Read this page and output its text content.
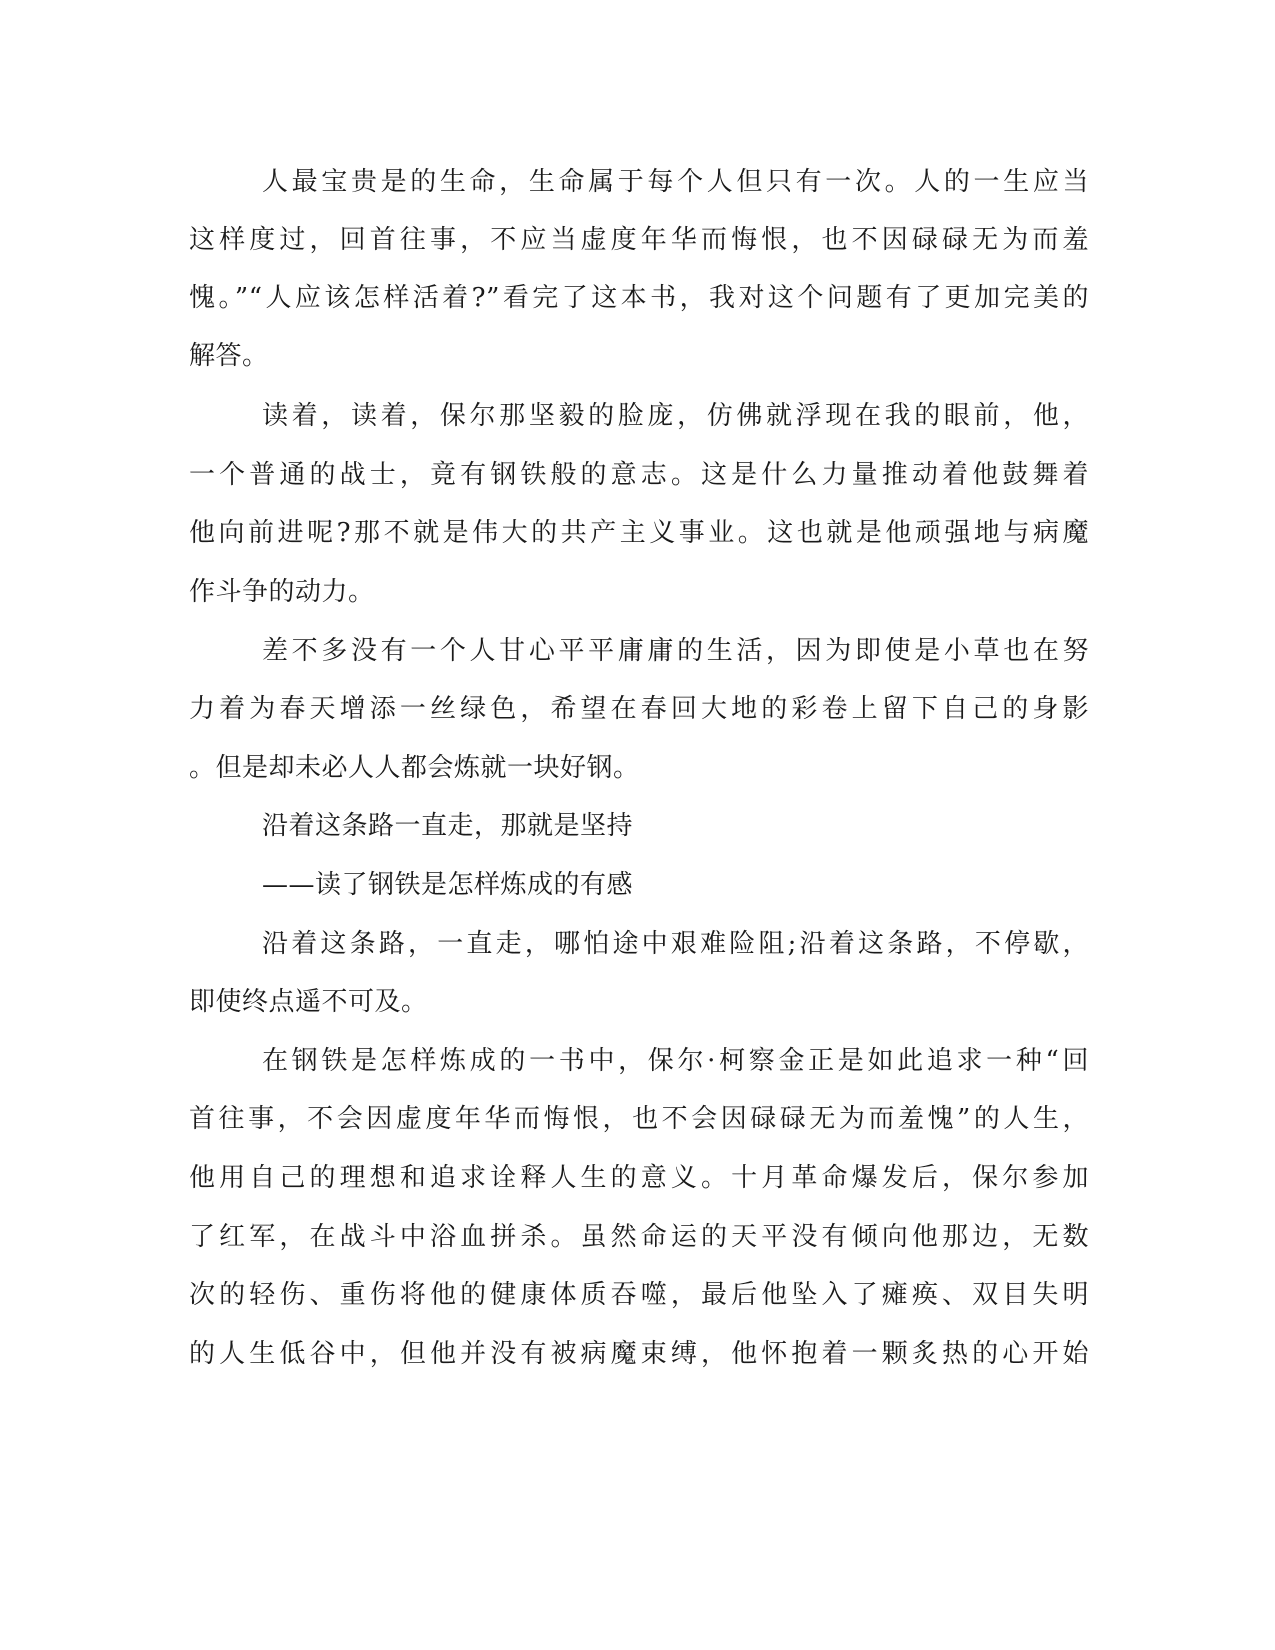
人最宝贵是的生命，生命属于每个人但只有一次。人的一生应当
这样度过，回首往事，不应当虚度年华而悔恨，也不因碌碌无为而羞
愧。”“人应该怎样活着?”看完了这本书，我对这个问题有了更加完美的
解答。
读着，读着，保尔那坚毅的脸庞，仿佛就浮现在我的眼前，他，
一个普通的战士，竟有钢铁般的意志。这是什么力量推动着他鼓舞着
他向前进呢?那不就是伟大的共产主义事业。这也就是他顽强地与病魔
作斗争的动力。
差不多没有一个人甘心平平庸庸的生活，因为即使是小草也在努
力着为春天增添一丝绿色，希望在春回大地的彩卷上留下自己的身影
。但是却未必人人都会炼就一块好钢。
沿着这条路一直走，那就是坚持
——读了钢铁是怎样炼成的有感
沿着这条路，一直走，哪怕途中艰难险阻;沿着这条路，不停歇，
即使终点遥不可及。
在钢铁是怎样炼成的一书中，保尔·柯察金正是如此追求一种“回
首往事，不会因虚度年华而悔恨，也不会因碌碌无为而羞愧”的人生，
他用自己的理想和追求诠释人生的意义。十月革命爆发后，保尔参加
了红军，在战斗中浴血拼杀。虽然命运的天平没有倾向他那边，无数
次的轻伤、重伤将他的健康体质吞噬，最后他坠入了瘫痪、双目失明
的人生低谷中，但他并没有被病魔束缚，他怀抱着一颗炙热的心开始
